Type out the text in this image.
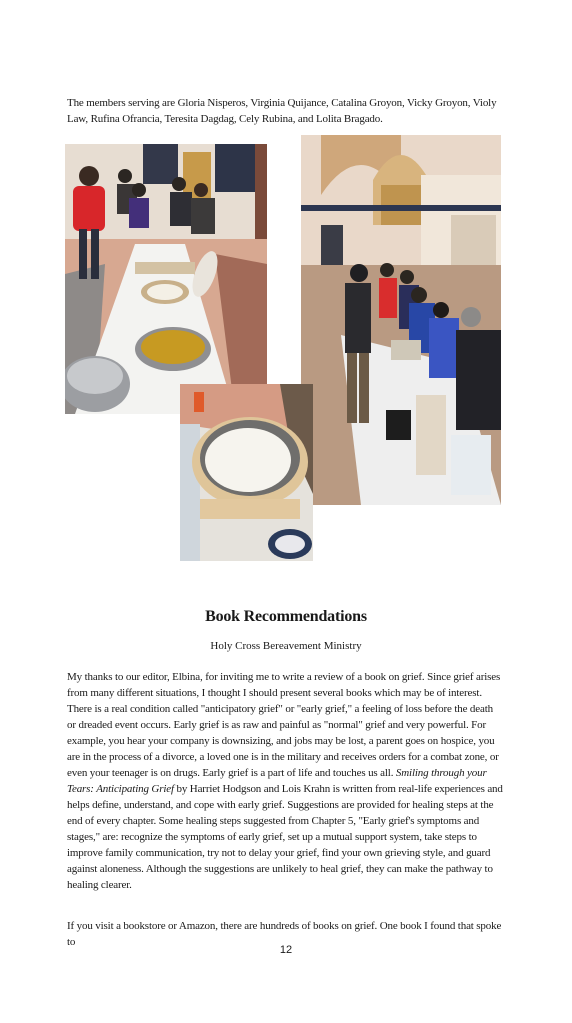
The members serving are Gloria Nisperos, Virginia Quijance, Catalina Groyon, Vicky Groyon, Violy Law, Rufina Ofrancia, Teresita Dagdag, Cely Rubina, and Lolita Bragado.

Book Recommendations

Holy Cross Bereavement Ministry

My thanks to our editor, Elbina, for inviting me to write a review of a book on grief. Since grief arises from many different situations, I thought I should present several books which may be of interest. There is a real condition called "anticipatory grief" or "early grief," a feeling of loss before the death or dreaded event occurs. Early grief is as raw and painful as "normal" grief and very powerful. For example, you hear your company is downsizing, and jobs may be lost, a parent goes on hospice, you are in the process of a divorce, a loved one is in the military and receives orders for a combat zone, or even your teenager is on drugs. Early grief is a part of life and touches us all. Smiling through your Tears: Anticipating Grief by Harriet Hodgson and Lois Krahn is written from real-life experiences and helps define, understand, and cope with early grief. Suggestions are provided for healing steps at the end of every chapter. Some healing steps suggested from Chapter 5, "Early grief's symptoms and stages," are: recognize the symptoms of early grief, set up a mutual support system, take steps to improve family communication, try not to delay your grief, find your own grieving style, and guard against aloneness. Although the suggestions are unlikely to heal grief, they can make the pathway to healing clearer.

If you visit a bookstore or Amazon, there are hundreds of books on grief. One book I found that spoke to

12
